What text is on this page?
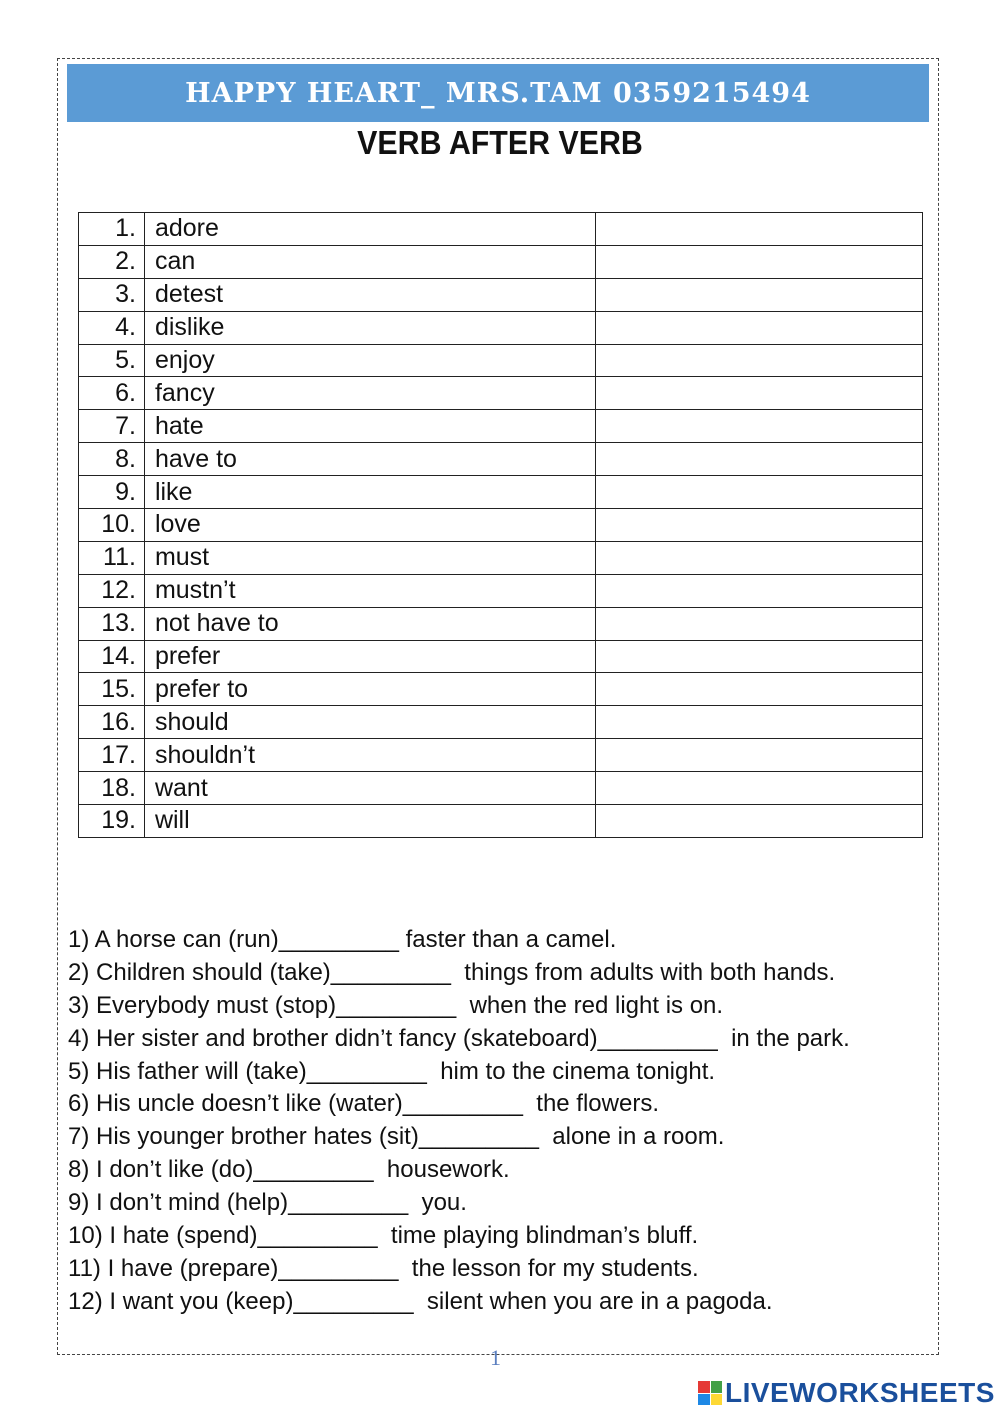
HAPPY HEART_ MRS.TAM 0359215494
VERB AFTER VERB
1.	adore	
2.	can	
3.	detest	
4.	dislike	
5.	enjoy	
6.	fancy	
7.	hate	
8.	have to	
9.	like	
10.	love	
11.	must	
12.	mustn’t	
13.	not have to	
14.	prefer	
15.	prefer to	
16.	should	
17.	shouldn’t	
18.	want	
19.	will	
1) A horse can (run)_________ faster than a camel.
2) Children should (take)_________  things from adults with both hands.
3) Everybody must (stop)_________  when the red light is on.
4) Her sister and brother didn’t fancy (skateboard)_________  in the park.
5) His father will (take)_________  him to the cinema tonight.
6) His uncle doesn’t like (water)_________  the flowers.
7) His younger brother hates (sit)_________  alone in a room.
8) I don’t like (do)_________  housework.
9) I don’t mind (help)_________  you.
10) I hate (spend)_________  time playing blindman’s bluff.
11) I have (prepare)_________  the lesson for my students.
12) I want you (keep)_________  silent when you are in a pagoda.
1
LIVEWORKSHEETS
